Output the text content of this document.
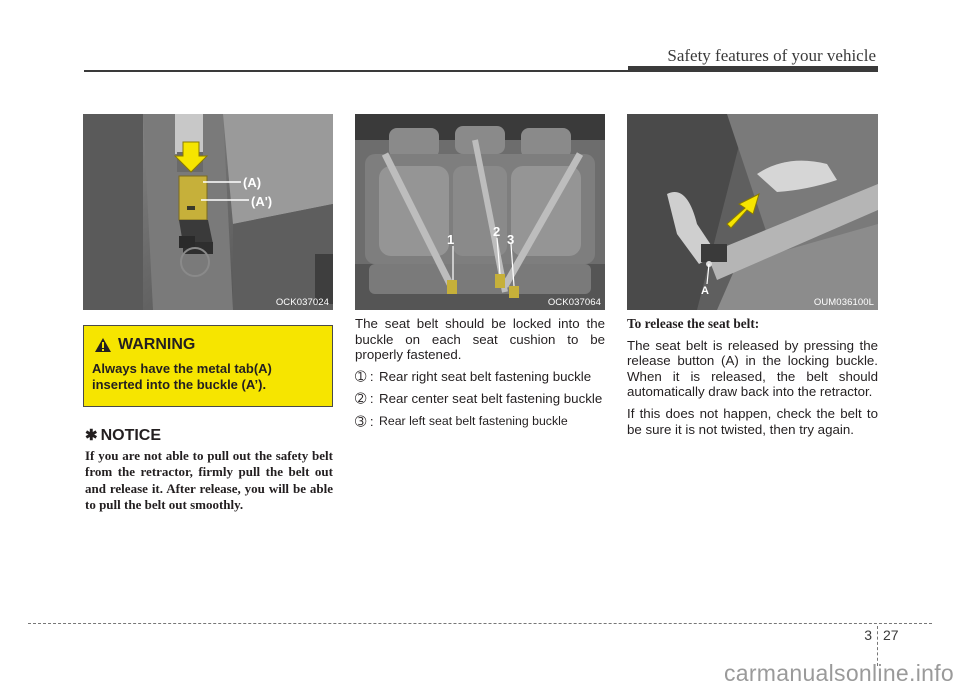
Safety features of your vehicle
(A)
(A')
OCK037024
1
2
3
OCK037064
A
OUM036100L
WARNING
Always have the metal tab(A) inserted into the buckle (A’).
✱ NOTICE
If you are not able to pull out the safety belt from the retractor, firmly pull the belt out and release it. After release, you will be able to pull the belt out smoothly.

The seat belt should be locked into the buckle on each seat cushion to be properly fastened.

➀ : Rear right seat belt fastening buckle
➁ : Rear center seat belt fastening buckle
➂ : Rear left seat belt fastening buckle

To release the seat belt:

The seat belt is released by pressing the release button (A) in the locking buckle. When it is released, the belt should automatically draw back into the retractor.

If this does not happen, check the belt to be sure it is not twisted, then try again.

3 27
carmanualsonline.info
